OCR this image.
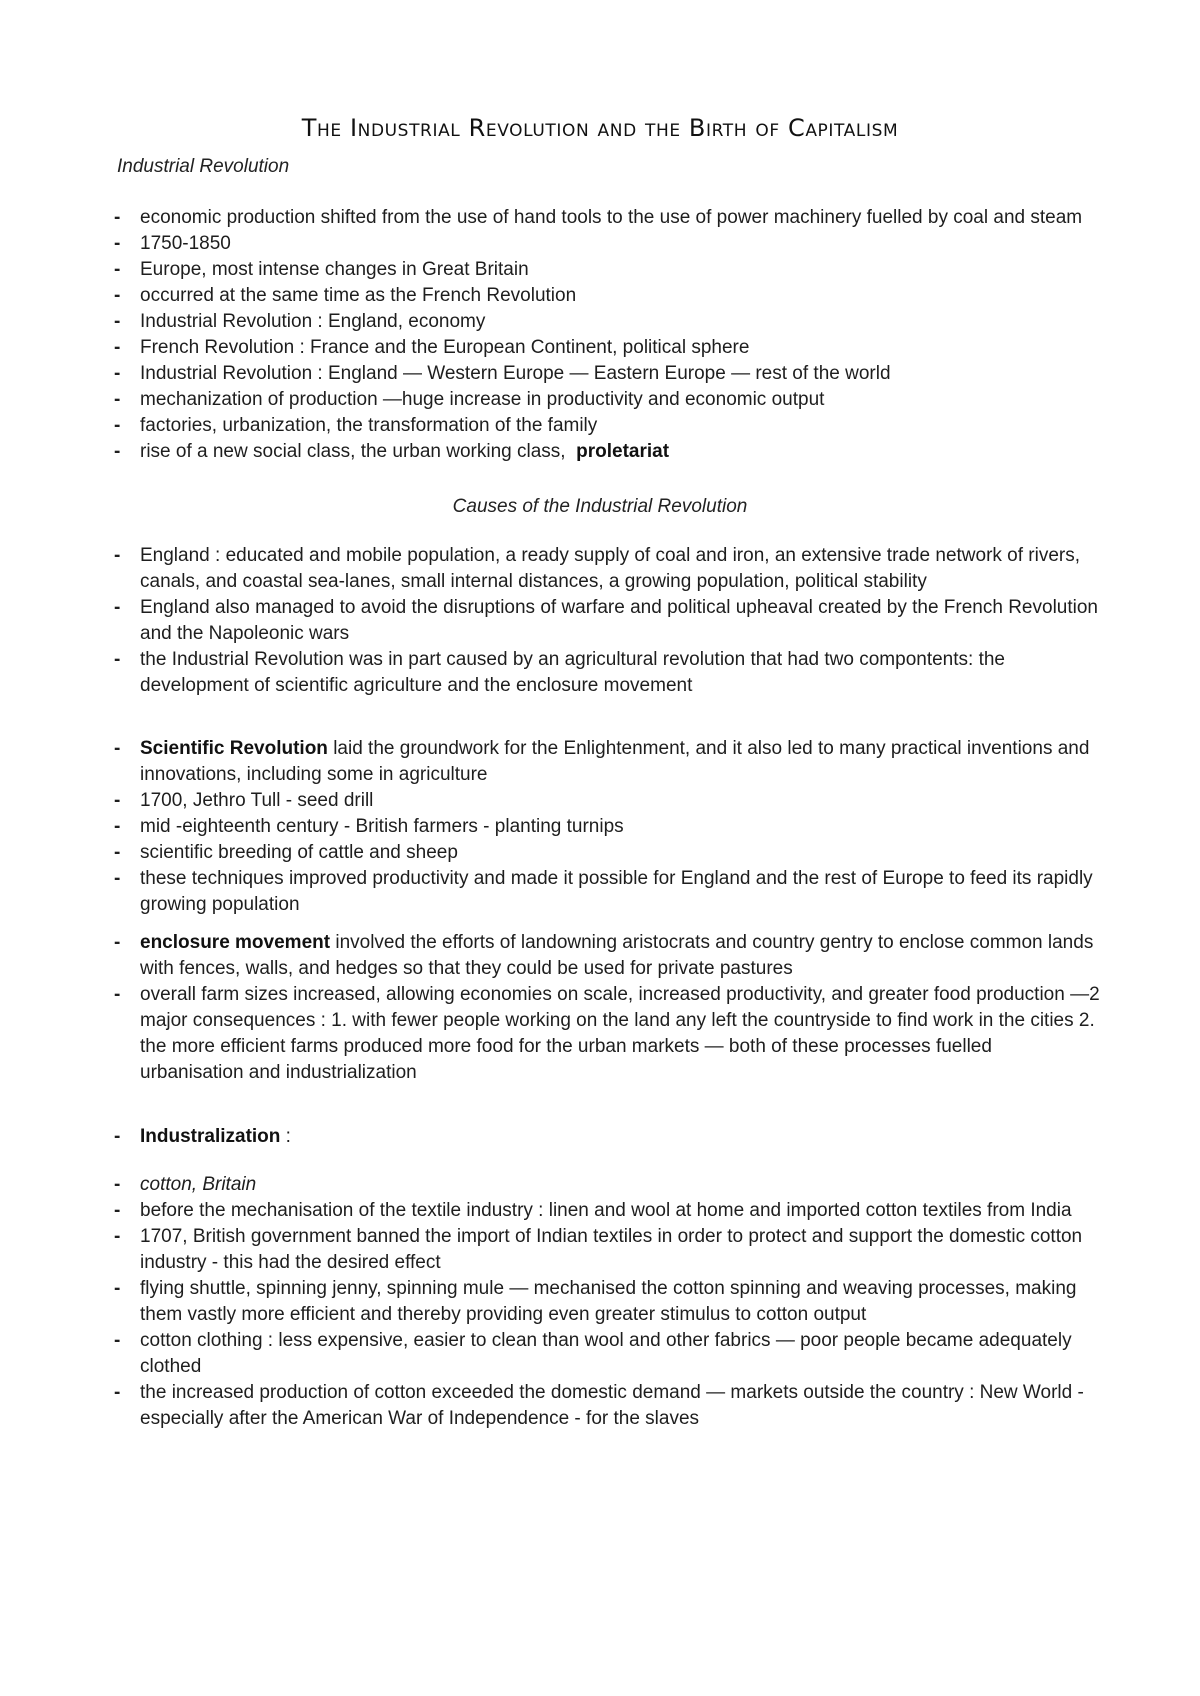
The Industrial Revolution and the Birth of Capitalism
Industrial Revolution
- economic production shifted from the use of hand tools to the use of power machinery fuelled by coal and steam
- 1750-1850
- Europe, most intense changes in Great Britain
- occurred at the same time as the French Revolution
- Industrial Revolution : England, economy
- French Revolution : France and the European Continent, political sphere
- Industrial Revolution : England — Western Europe — Eastern Europe — rest of the world
- mechanization of production —huge increase in productivity and economic output
- factories, urbanization, the transformation of the family
- rise of a new social class, the urban working class, proletariat
Causes of the Industrial Revolution
- England : educated and mobile population, a ready supply of coal and iron, an extensive trade network of rivers, canals, and coastal sea-lanes, small internal distances, a growing population, political stability
- England also managed to avoid the disruptions of warfare and political upheaval created by the French Revolution and the Napoleonic wars
- the Industrial Revolution was in part caused by an agricultural revolution that had two compontents: the development of scientific agriculture and the enclosure movement
- Scientific Revolution laid the groundwork for the Enlightenment, and it also led to many practical inventions and innovations, including some in agriculture
- 1700, Jethro Tull - seed drill
- mid -eighteenth century - British farmers - planting turnips
- scientific breeding of cattle and sheep
- these techniques improved productivity and made it possible for England and the rest of Europe to feed its rapidly growing population
- enclosure movement involved the efforts of landowning aristocrats and country gentry to enclose common lands with fences, walls, and hedges so that they could be used for private pastures
- overall farm sizes increased, allowing economies on scale, increased productivity, and greater food production —2 major consequences : 1. with fewer people working on the land any left the countryside to find work in the cities 2. the more efficient farms produced more food for the urban markets — both of these processes fuelled urbanisation and industrialization
- Industralization :
- cotton, Britain
- before the mechanisation of the textile industry : linen and wool at home and imported cotton textiles from India
- 1707, British government banned the import of Indian textiles in order to protect and support the domestic cotton industry - this had the desired effect
- flying shuttle, spinning jenny, spinning mule — mechanised the cotton spinning and weaving processes, making them vastly more efficient and thereby providing even greater stimulus to cotton output
- cotton clothing : less expensive, easier to clean than wool and other fabrics — poor people became adequately clothed
- the increased production of cotton exceeded the domestic demand — markets outside the country : New World - especially after the American War of Independence - for the slaves
